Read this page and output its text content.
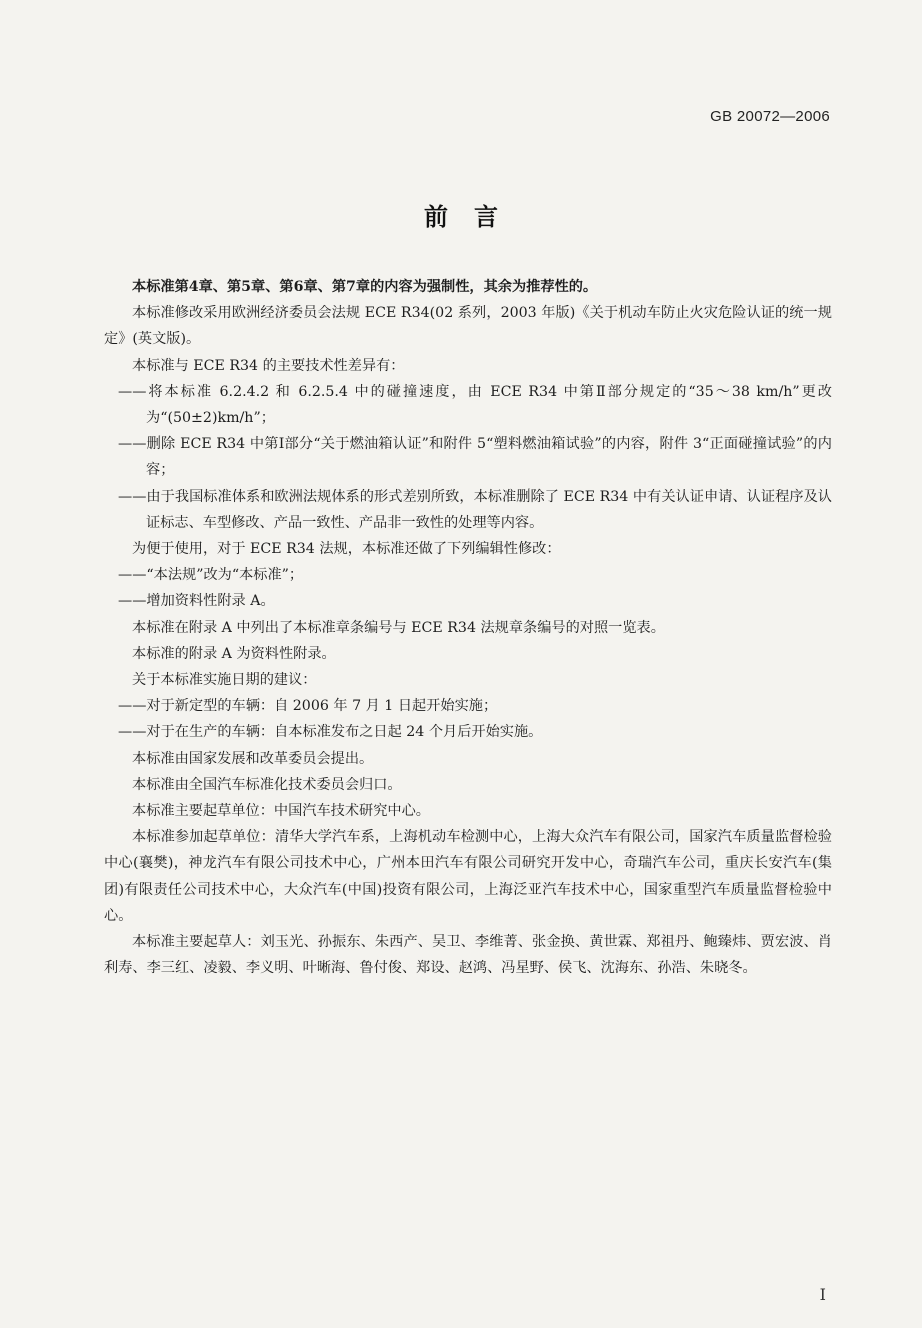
GB 20072—2006
前言

本标准第4章、第5章、第6章、第7章的内容为强制性，其余为推荐性的。

本标准修改采用欧洲经济委员会法规 ECE R34(02 系列，2003 年版)《关于机动车防止火灾危险认证的统一规定》(英文版)。

本标准与 ECE R34 的主要技术性差异有：

——将本标准 6.2.4.2 和 6.2.5.4 中的碰撞速度，由 ECE R34 中第Ⅱ部分规定的“35～38 km/h”更改为“(50±2)km/h”；

——删除 ECE R34 中第Ⅰ部分“关于燃油箱认证”和附件 5“塑料燃油箱试验”的内容，附件 3“正面碰撞试验”的内容；

——由于我国标准体系和欧洲法规体系的形式差别所致，本标准删除了 ECE R34 中有关认证申请、认证程序及认证标志、车型修改、产品一致性、产品非一致性的处理等内容。

为便于使用，对于 ECE R34 法规，本标准还做了下列编辑性修改：

——“本法规”改为“本标准”；

——增加资料性附录 A。

本标准在附录 A 中列出了本标准章条编号与 ECE R34 法规章条编号的对照一览表。

本标准的附录 A 为资料性附录。

关于本标准实施日期的建议：

——对于新定型的车辆：自 2006 年 7 月 1 日起开始实施；

——对于在生产的车辆：自本标准发布之日起 24 个月后开始实施。

本标准由国家发展和改革委员会提出。

本标准由全国汽车标准化技术委员会归口。

本标准主要起草单位：中国汽车技术研究中心。

本标准参加起草单位：清华大学汽车系，上海机动车检测中心，上海大众汽车有限公司，国家汽车质量监督检验中心(襄樊)，神龙汽车有限公司技术中心，广州本田汽车有限公司研究开发中心，奇瑞汽车公司，重庆长安汽车(集团)有限责任公司技术中心，大众汽车(中国)投资有限公司，上海泛亚汽车技术中心，国家重型汽车质量监督检验中心。

本标准主要起草人：刘玉光、孙振东、朱西产、吴卫、李维菁、张金换、黄世霖、郑祖丹、鲍臻炜、贾宏波、肖利寿、李三红、凌毅、李义明、叶晰海、鲁付俊、郑设、赵鸿、冯星野、侯飞、沈海东、孙浩、朱晓冬。

I
